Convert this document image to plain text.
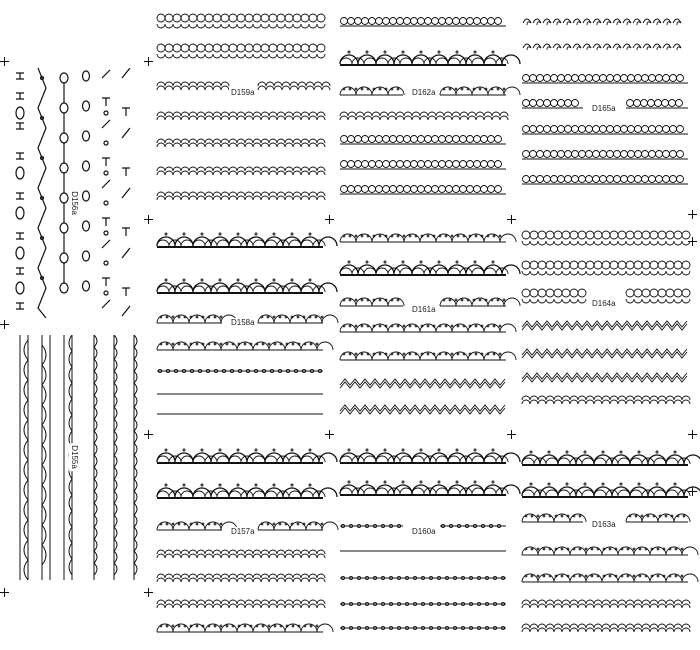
D156a
D155a
D159a
D158a
D157a
D162a
D161a
D160a
D165a
D164a
D163a
